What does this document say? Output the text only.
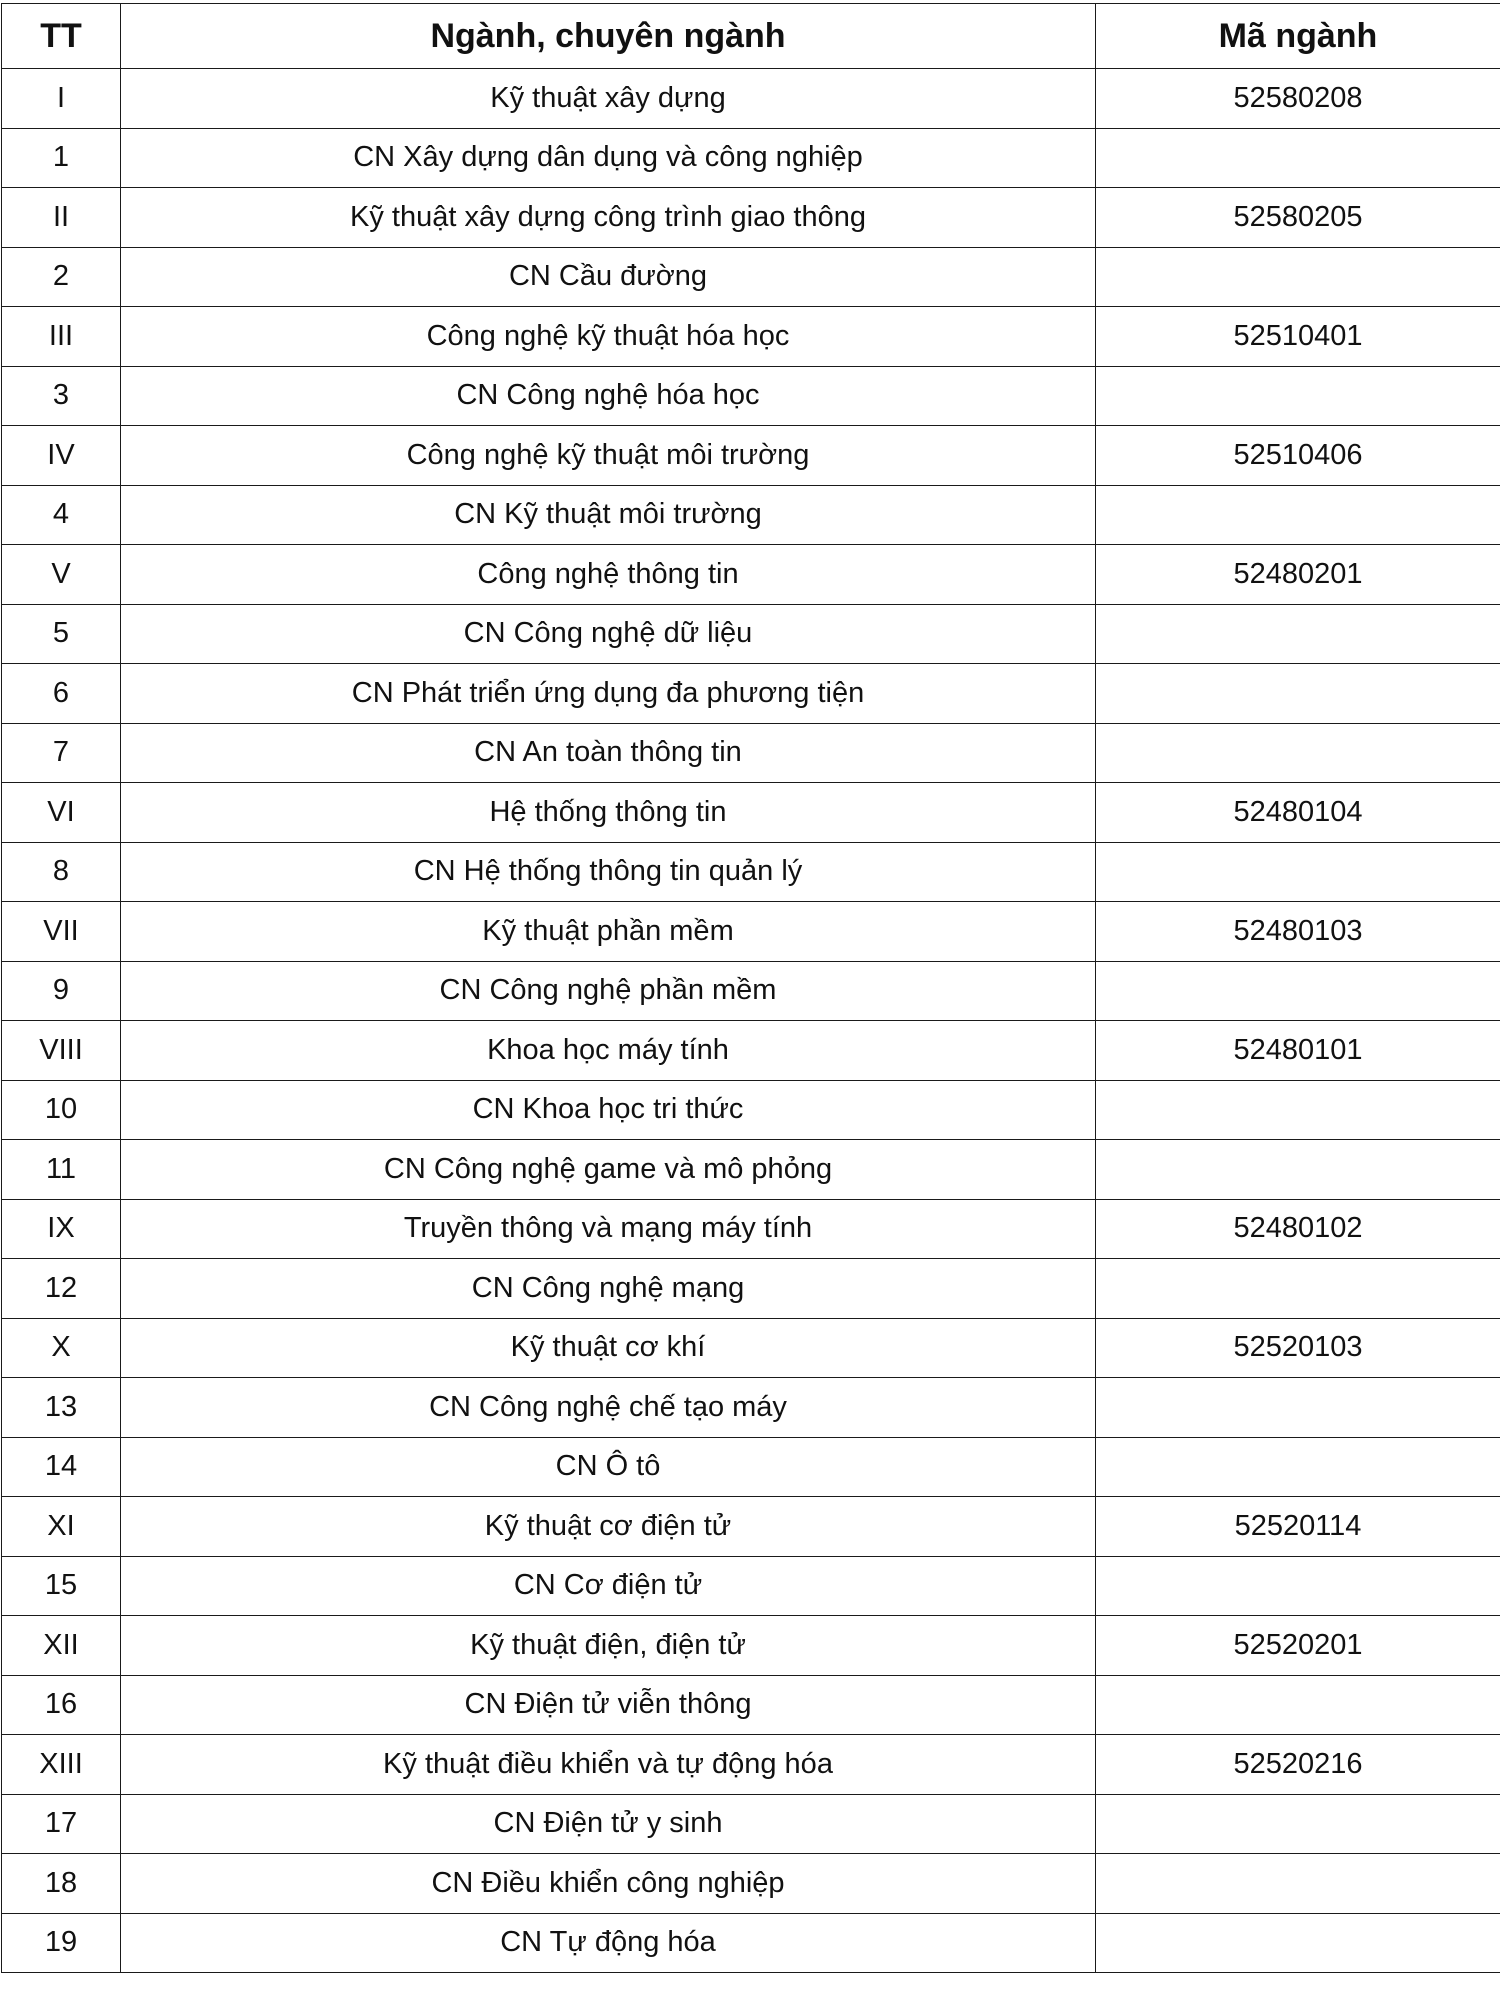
TT	Ngành, chuyên ngành	Mã ngành
I	Kỹ thuật xây dựng	52580208
1	CN Xây dựng dân dụng và công nghiệp	
II	Kỹ thuật xây dựng công trình giao thông	52580205
2	CN Cầu đường	
III	Công nghệ kỹ thuật hóa học	52510401
3	CN Công nghệ hóa học	
IV	Công nghệ kỹ thuật môi trường	52510406
4	CN Kỹ thuật môi trường	
V	Công nghệ thông tin	52480201
5	CN Công nghệ dữ liệu	
6	CN Phát triển ứng dụng đa phương tiện	
7	CN An toàn thông tin	
VI	Hệ thống thông tin	52480104
8	CN Hệ thống thông tin quản lý	
VII	Kỹ thuật phần mềm	52480103
9	CN Công nghệ phần mềm	
VIII	Khoa học máy tính	52480101
10	CN Khoa học tri thức	
11	CN Công nghệ game và mô phỏng	
IX	Truyền thông và mạng máy tính	52480102
12	CN Công nghệ mạng	
X	Kỹ thuật cơ khí	52520103
13	CN Công nghệ chế tạo máy	
14	CN Ô tô	
XI	Kỹ thuật cơ điện tử	52520114
15	CN Cơ điện tử	
XII	Kỹ thuật điện, điện tử	52520201
16	CN Điện tử viễn thông	
XIII	Kỹ thuật điều khiển và tự động hóa	52520216
17	CN Điện tử y sinh	
18	CN Điều khiển công nghiệp	
19	CN Tự động hóa	
